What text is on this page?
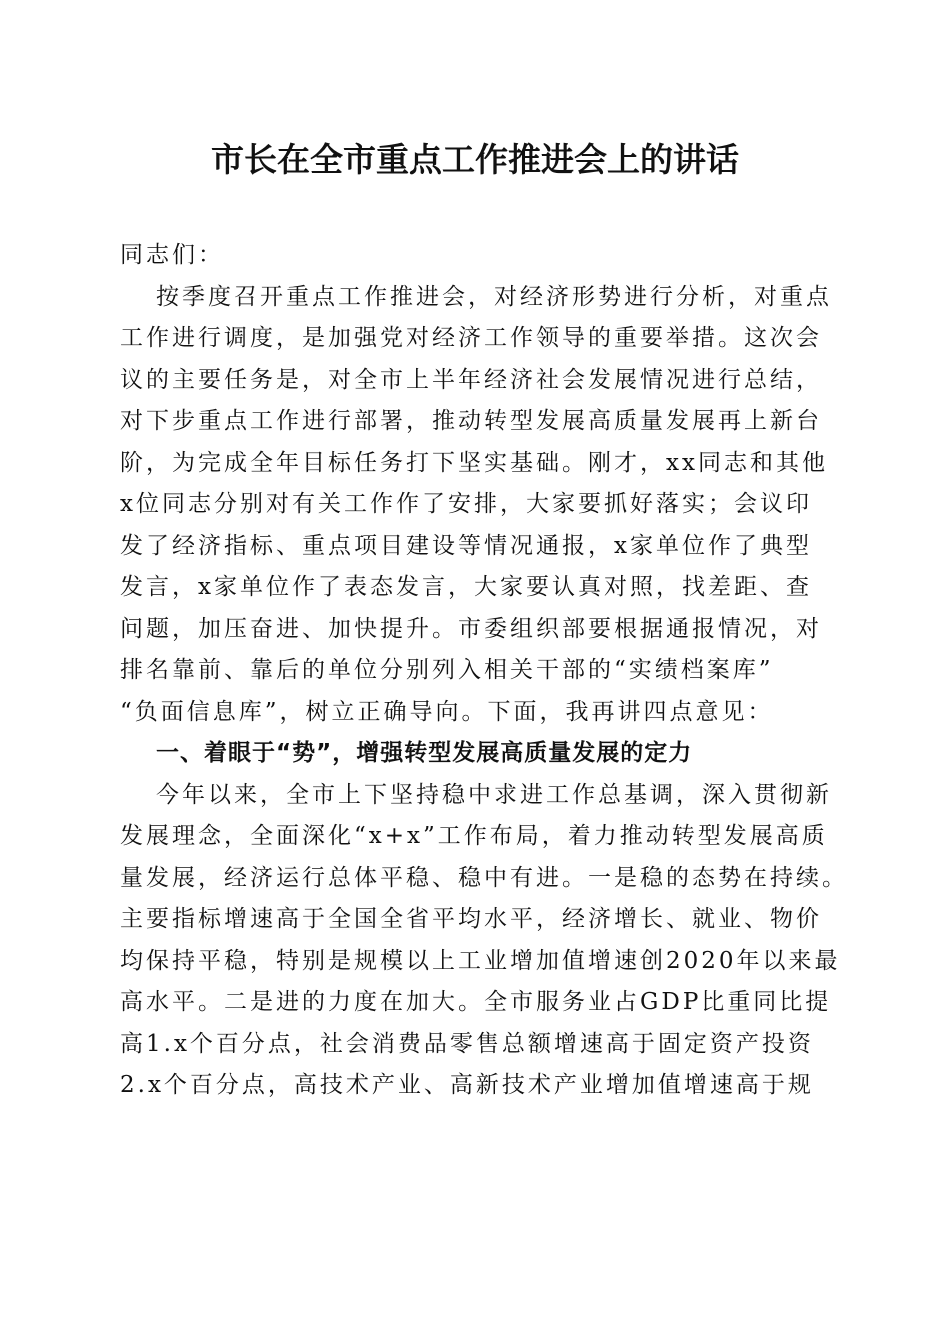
市长在全市重点工作推进会上的讲话
同志们：
按季度召开重点工作推进会，对经济形势进行分析，对重点
工作进行调度，是加强党对经济工作领导的重要举措。这次会
议的主要任务是，对全市上半年经济社会发展情况进行总结，
对下步重点工作进行部署，推动转型发展高质量发展再上新台
阶，为完成全年目标任务打下坚实基础。刚才，xx同志和其他
x位同志分别对有关工作作了安排，大家要抓好落实；会议印
发了经济指标、重点项目建设等情况通报，x家单位作了典型
发言，x家单位作了表态发言，大家要认真对照，找差距、查
问题，加压奋进、加快提升。市委组织部要根据通报情况，对
排名靠前、靠后的单位分别列入相关干部的“实绩档案库”
“负面信息库”，树立正确导向。下面，我再讲四点意见：
一、着眼于“势”，增强转型发展高质量发展的定力
今年以来，全市上下坚持稳中求进工作总基调，深入贯彻新
发展理念，全面深化“x+x”工作布局，着力推动转型发展高质
量发展，经济运行总体平稳、稳中有进。一是稳的态势在持续。
主要指标增速高于全国全省平均水平，经济增长、就业、物价
均保持平稳，特别是规模以上工业增加值增速创2020年以来最
高水平。二是进的力度在加大。全市服务业占GDP比重同比提
高1.x个百分点，社会消费品零售总额增速高于固定资产投资
2.x个百分点，高技术产业、高新技术产业增加值增速高于规
